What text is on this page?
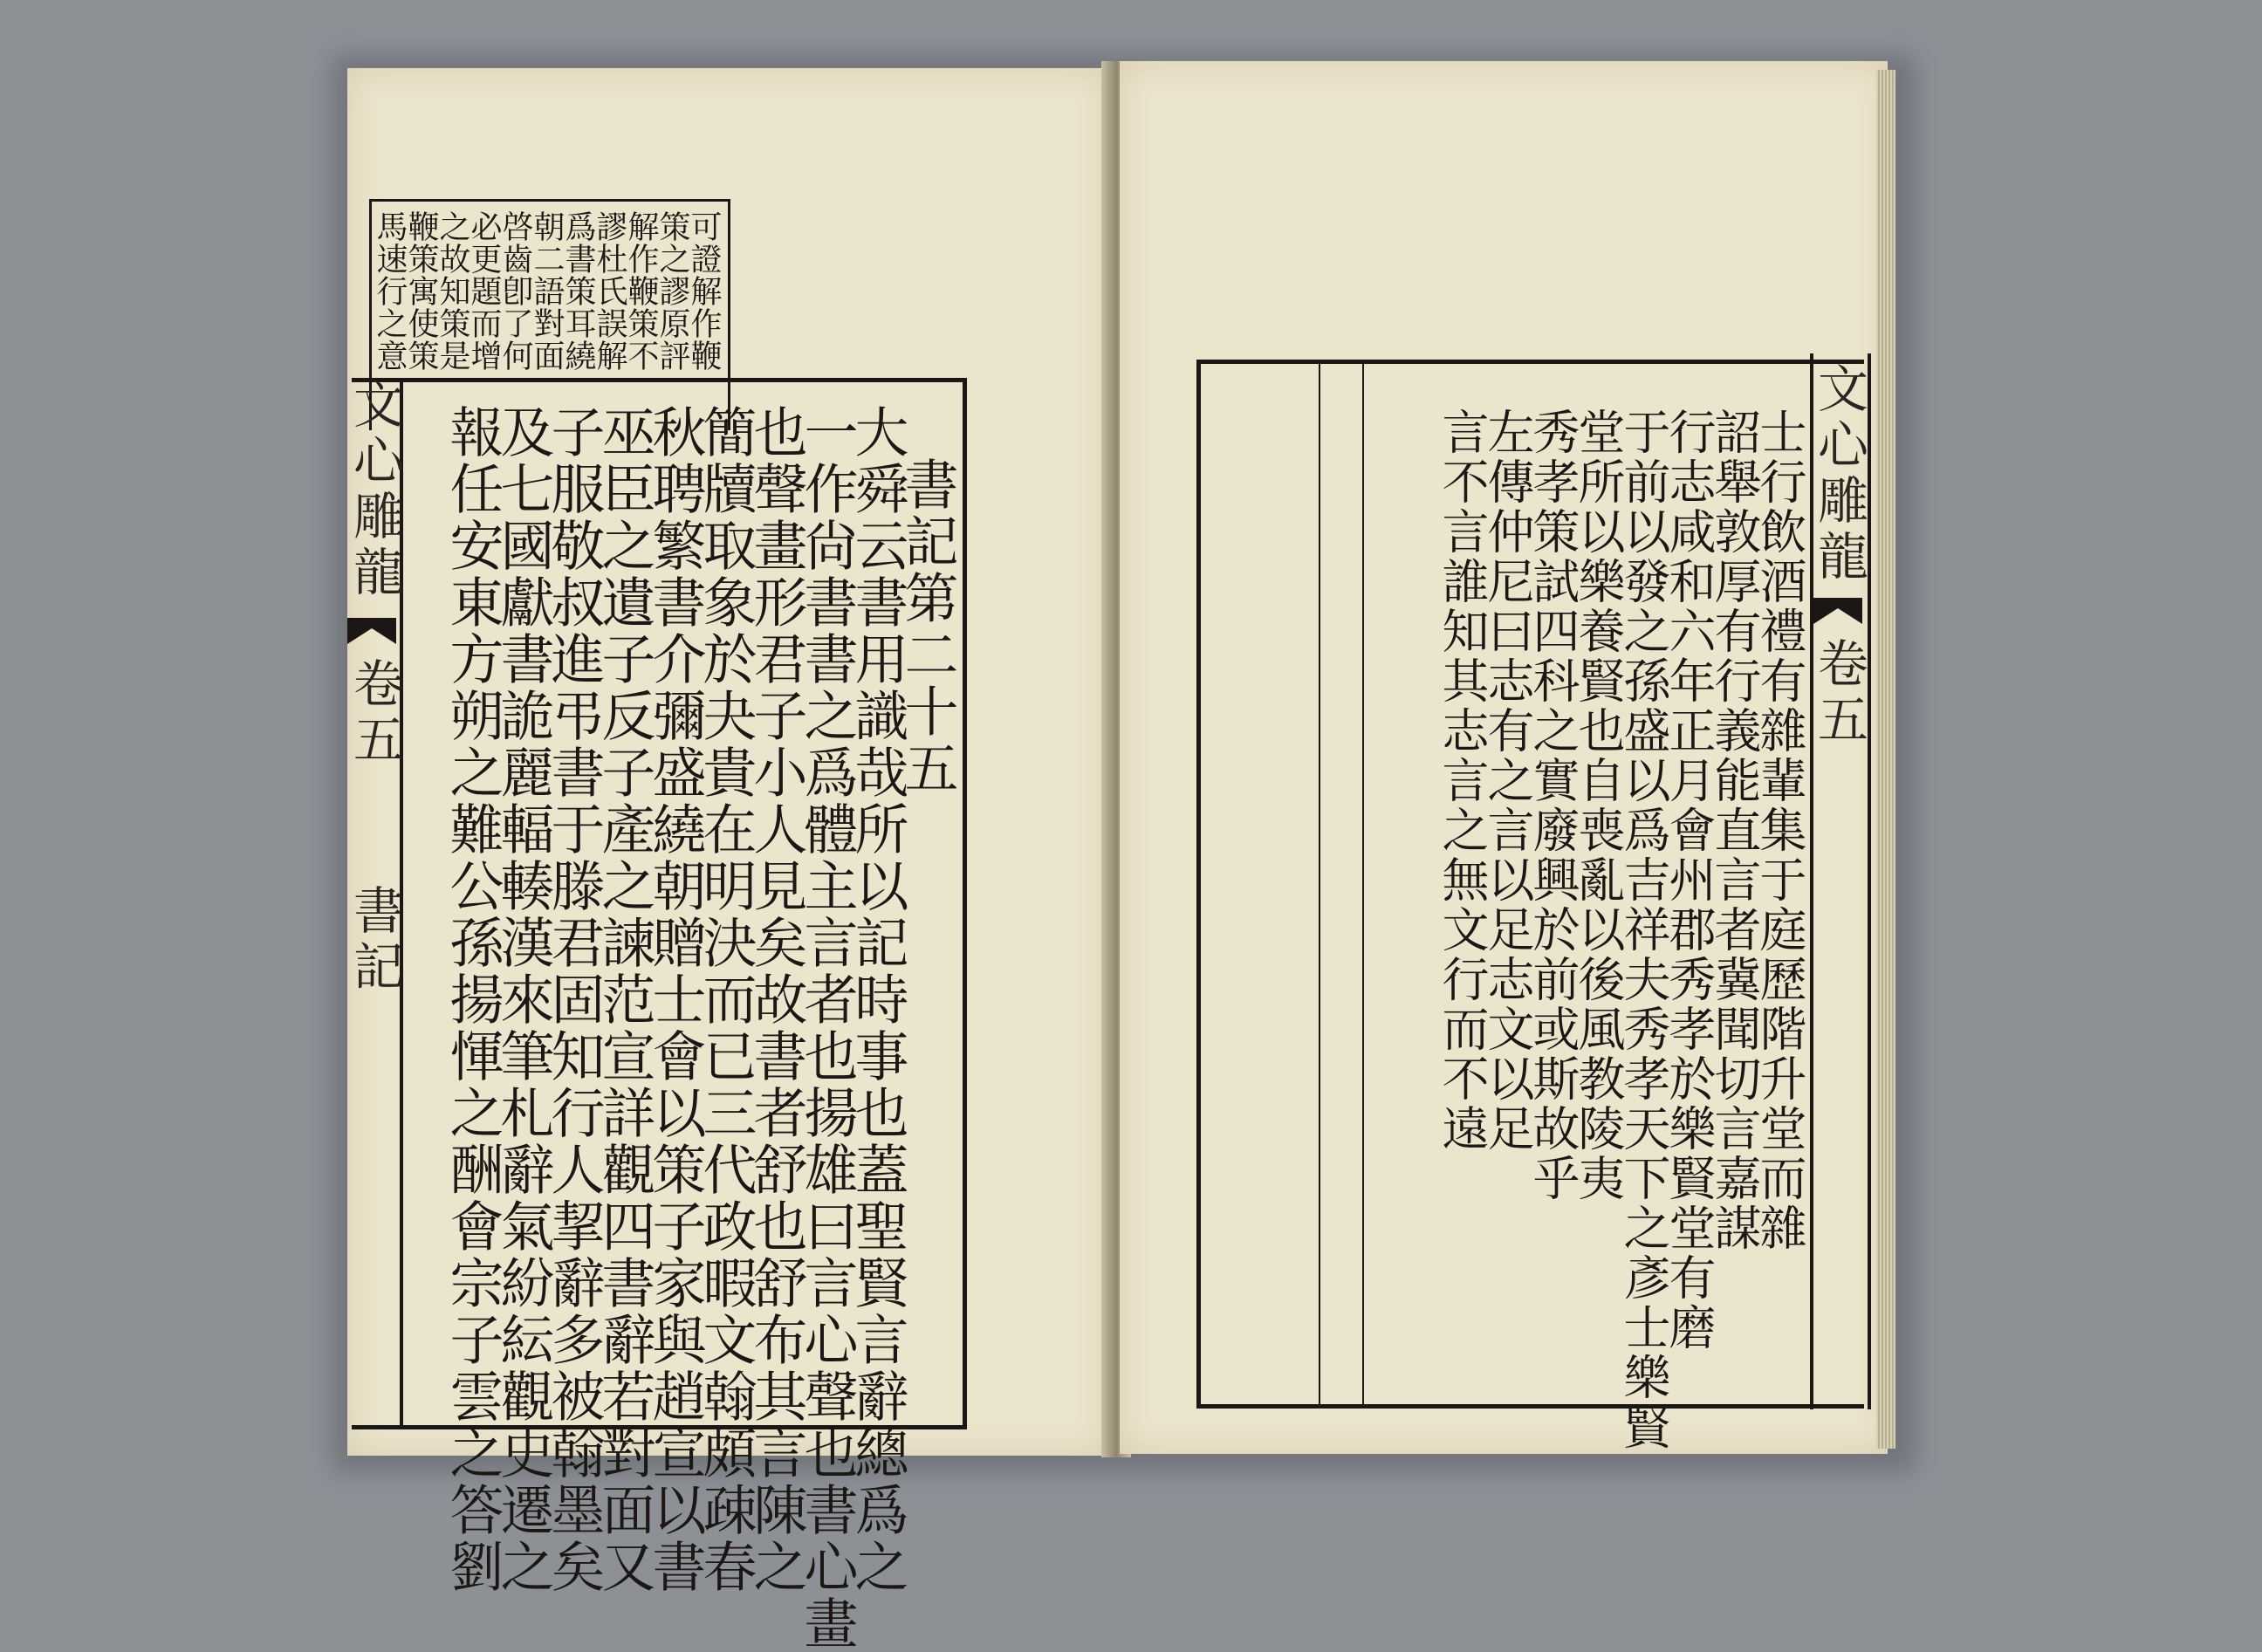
可證解作鞭
策之謬原評
解作鞭策不
謬杜氏誤解
爲書策耳繞
朝二語對面
啓齒卽了何
必更題而增
之故知策是
鞭策寓使策
馬速行之意
書記第二十五
大舜云書用識哉所以記時事也蓋聖賢言辭總爲之
一作尙書書之爲體主言者也揚雄曰言心聲也書心畫
也聲畫形君子小人見矣故書者舒也舒布其言陳之
簡牘取象於夬貴在明決而已三代政暇文翰頗疎春
秋聘繁書介彌盛繞朝贈士會以策子家與趙宣以書
巫臣之遺子反子產之諫范宣詳觀四書辭若對面又
子服敬叔進弔書于滕君固知行人挈辭多被翰墨矣
及七國獻書詭麗輻輳漢來筆札辭氣紛紜觀史遷之
報任安東方朔之難公孫揚惲之酬會宗子雲之答劉
文心雕龍
卷五
書記	士行飲酒禮有雜輩集于庭歷階升堂而雜
詔舉敦厚有行義能直言者冀聞切言嘉謀
行志咸和六年正月會州郡秀孝於樂賢堂有磨
于前以發之孫盛以爲吉祥夫秀孝天下之彥士樂賢
堂所以樂養賢也自喪亂以後風教陵夷
秀孝策試四科之實廢興於前或斯故乎
左傳仲尼曰志有之言以足志文以足
言不言誰知其志言之無文行而不遠	文心雕龍
卷五
